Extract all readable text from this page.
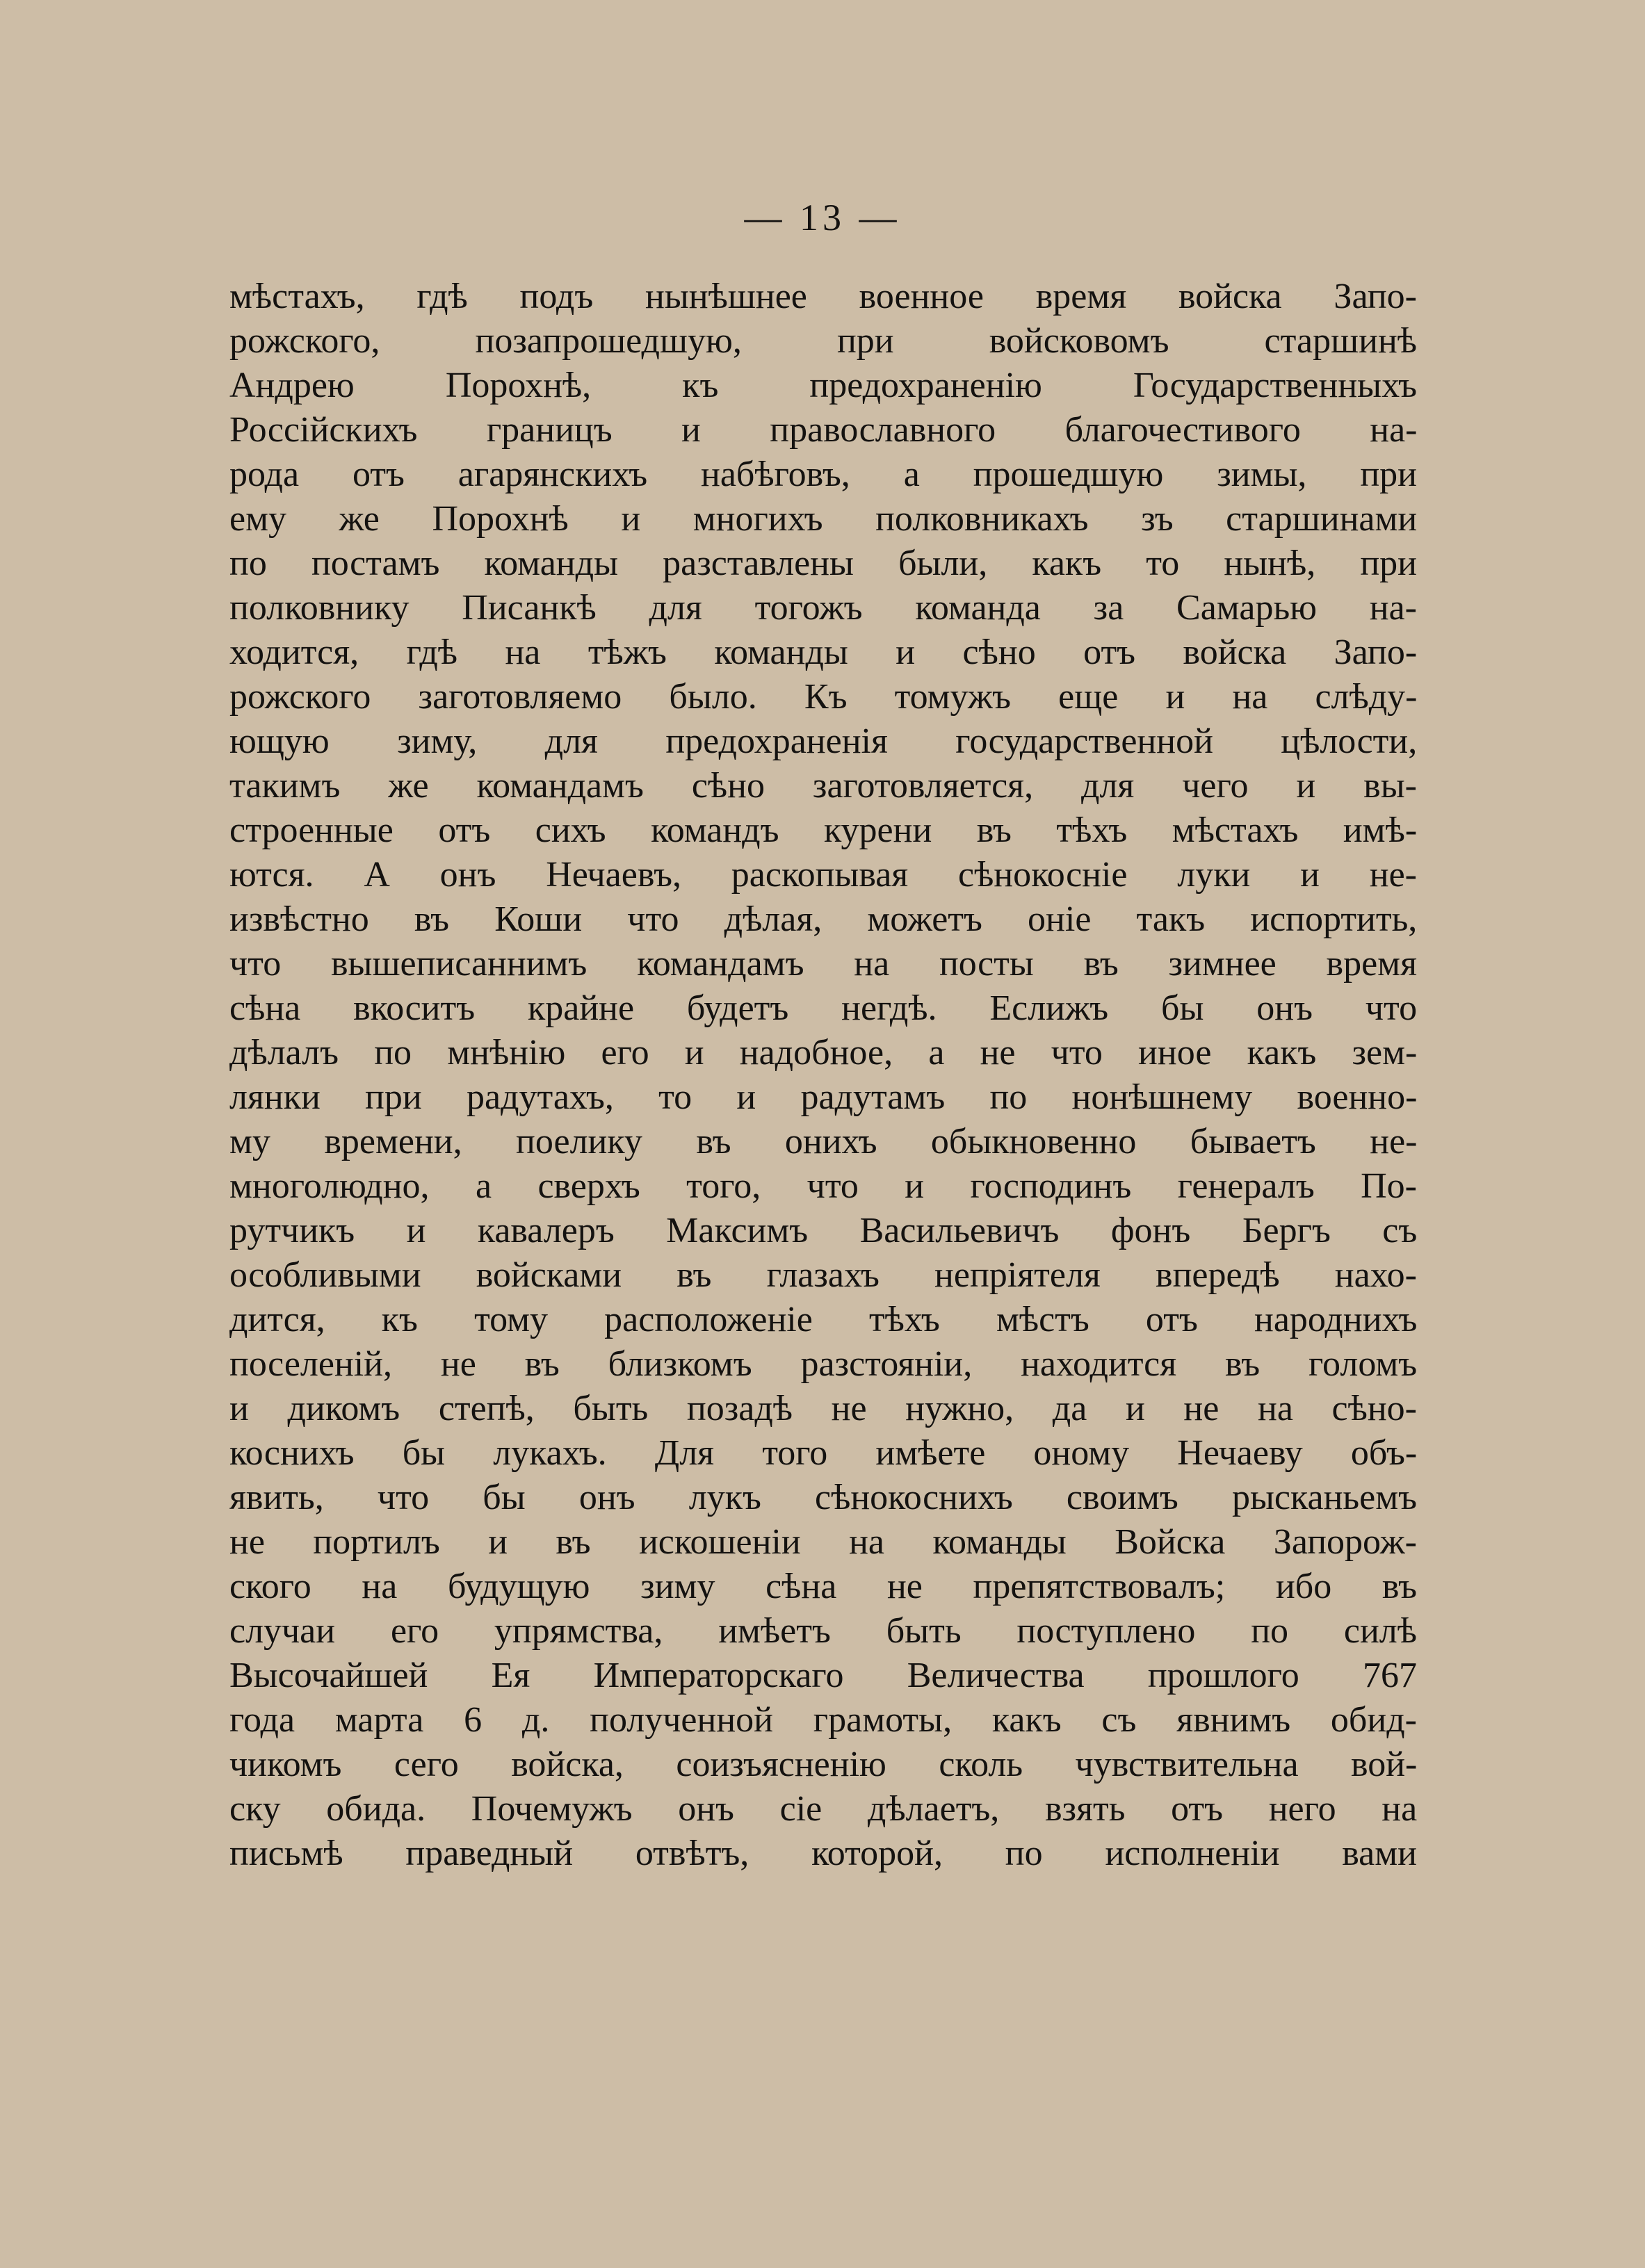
— 13 —
мѣстахъ, гдѣ подъ нынѣшнее военное время войска Запо-
рожского, позапрошедшую, при войсковомъ старшинѣ
Андрею Порохнѣ, къ предохраненію Государственныхъ
Россійскихъ границъ и православного благочестивого на-
рода отъ агарянскихъ набѣговъ, а прошедшую зимы, при
ему же Порохнѣ и многихъ полковникахъ зъ старшинами
по постамъ команды разставлены были, какъ то нынѣ, при
полковнику Писанкѣ для тогожъ команда за Самарью на-
ходится, гдѣ на тѣжъ команды и сѣно отъ войска Запо-
рожского заготовляемо было. Къ томужъ еще и на слѣду-
ющую зиму, для предохраненія государственной цѣлости,
такимъ же командамъ сѣно заготовляется, для чего и вы-
строенные отъ сихъ командъ курени въ тѣхъ мѣстахъ имѣ-
ются. А онъ Нечаевъ, раскопывая сѣнокосніе луки и не-
извѣстно въ Коши что дѣлая, можетъ оніе такъ испортить,
что вышеписаннимъ командамъ на посты въ зимнее время
сѣна вкоситъ крайне будетъ негдѣ. Еслижъ бы онъ что
дѣлалъ по мнѣнію его и надобное, а не что иное какъ зем-
лянки при радутахъ, то и радутамъ по нонѣшнему военно-
му времени, поелику въ онихъ обыкновенно бываетъ не-
многолюдно, а сверхъ того, что и господинъ генералъ По-
рутчикъ и кавалеръ Максимъ Васильевичъ фонъ Бергъ съ
особливыми войсками въ глазахъ непріятеля впередѣ нахо-
дится, къ тому расположеніе тѣхъ мѣстъ отъ народнихъ
поселеній, не въ близкомъ разстояніи, находится въ голомъ
и дикомъ степѣ, быть позадѣ не нужно, да и не на сѣно-
коснихъ бы лукахъ. Для того имѣете оному Нечаеву объ-
явить, что бы онъ лукъ сѣнокоснихъ своимъ рысканьемъ
не портилъ и въ искошеніи на команды Войска Запорож-
ского на будущую зиму сѣна не препятствовалъ; ибо въ
случаи его упрямства, имѣетъ быть поступлено по силѣ
Высочайшей Ея Императорскаго Величества прошлого 767
года марта 6 д. полученной грамоты, какъ съ явнимъ обид-
чикомъ сего войска, соизъясненію сколь чувствительна вой-
ску обида. Почемужъ онъ сіе дѣлаетъ, взять отъ него на
письмѣ праведный отвѣтъ, которой, по исполненіи вами
